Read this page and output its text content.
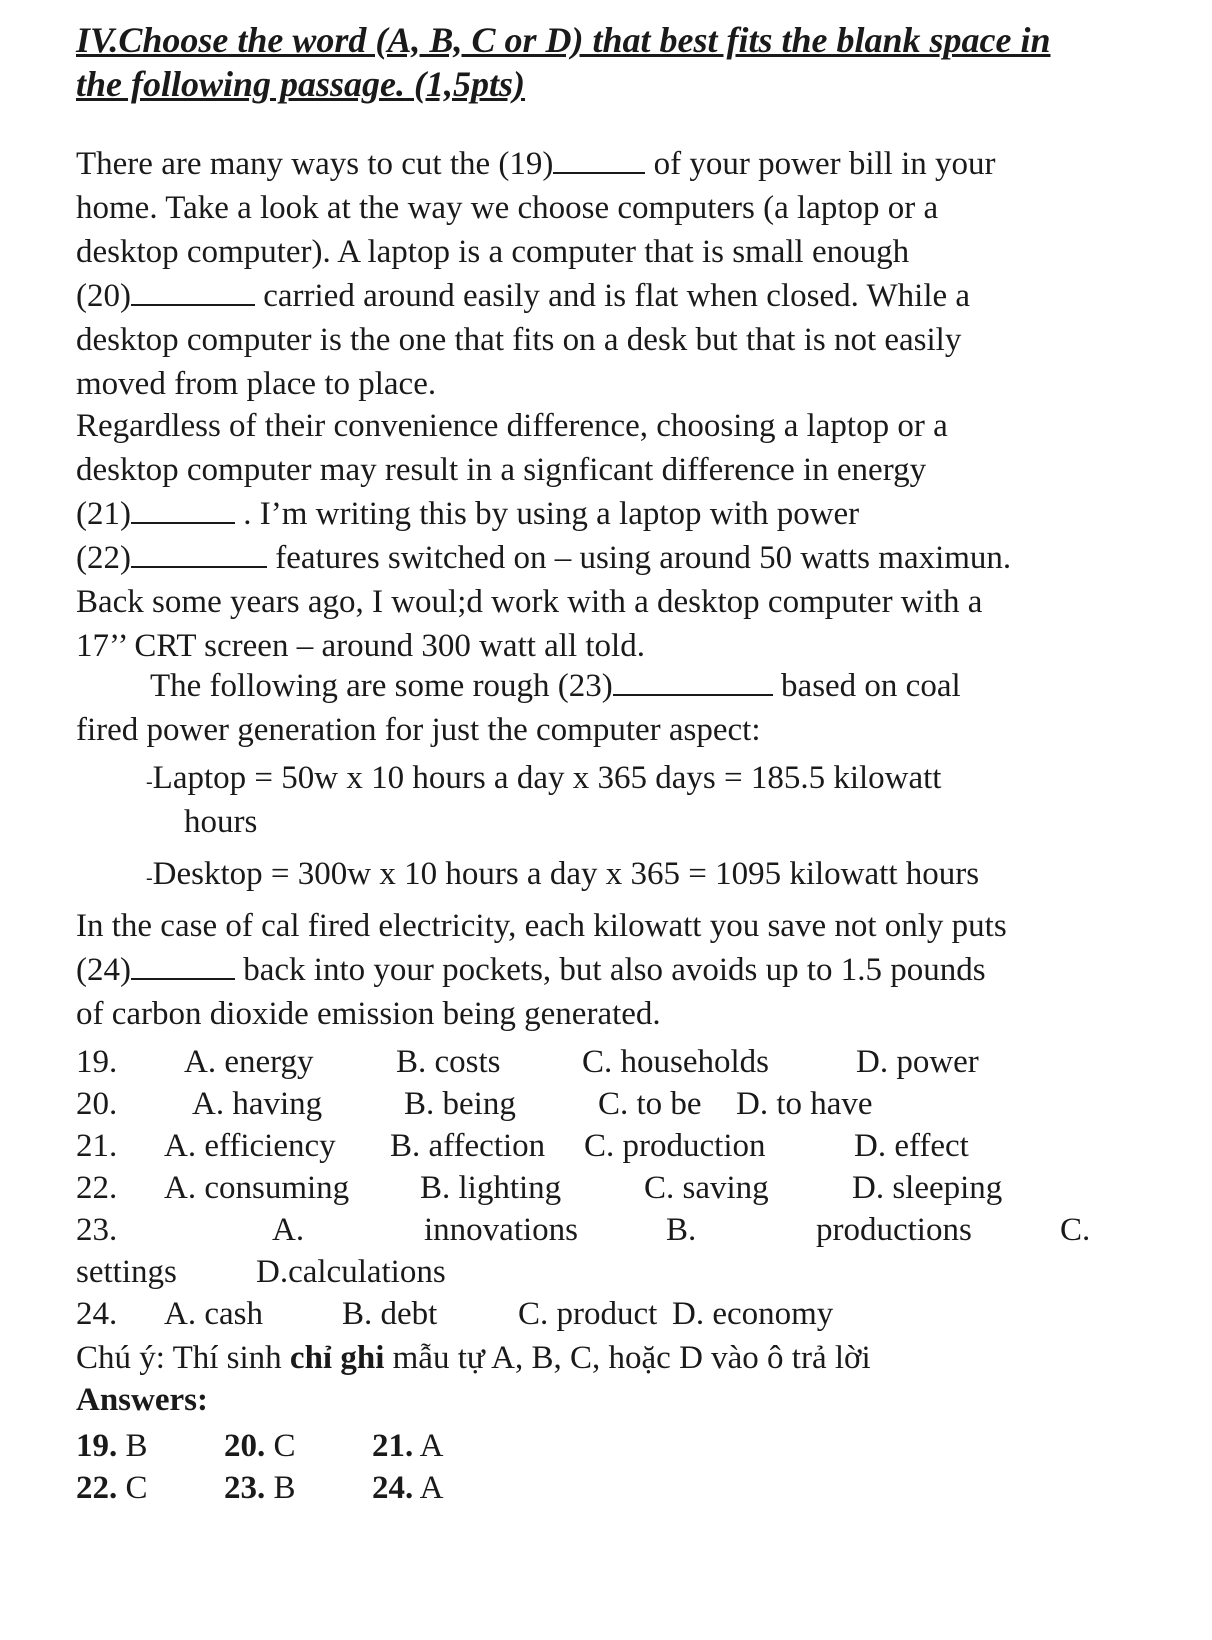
IV.Choose the word (A, B, C or D) that best fits the blank space in
the following passage. (1,5pts)
There are many ways to cut the (19)	of your power bill in your
home. Take a look at the way we choose computers (a laptop or a
desktop computer). A laptop is a computer that is small enough
(20)	carried around easily and is flat when closed. While a
desktop computer is the one that fits on a desk but that is not easily
moved from place to place.
Regardless of their convenience difference, choosing a laptop or a
desktop computer may result in a signficant difference in energy
(21)	. I’m writing this by using a laptop with power
(22)	features switched on – using around 50 watts maximun.
Back some years ago, I woul;d work with a desktop computer with a
17’’ CRT screen – around 300 watt all told.
The following are some rough (23)	based on coal
fired power generation for just the computer aspect:
-Laptop = 50w x 10 hours a day x 365 days = 185.5 kilowatt
hours
-Desktop = 300w x 10 hours a day x 365 = 1095 kilowatt hours
In the case of cal fired electricity, each kilowatt you save not only puts
(24)	back into your pockets, but also avoids up to 1.5 pounds
of carbon dioxide emission being generated.
19. A. energy B. costs C. households	D. power
20. A. having B. being C. to be D. to have
21. A. efficiency B. affection C. production	D. effect
22. A. consuming B. lighting	C. saving	D. sleeping
23.	A.	innovations	B.	productions	C.
settings D.calculations
24. A. cash B. debt C. product D. economy
Chú ý: Thí sinh chỉ ghi mẫu tự A, B, C, hoặc D vào ô trả lời
Answers:
19. B 20. C 21. A
22. C 23. B 24. A
